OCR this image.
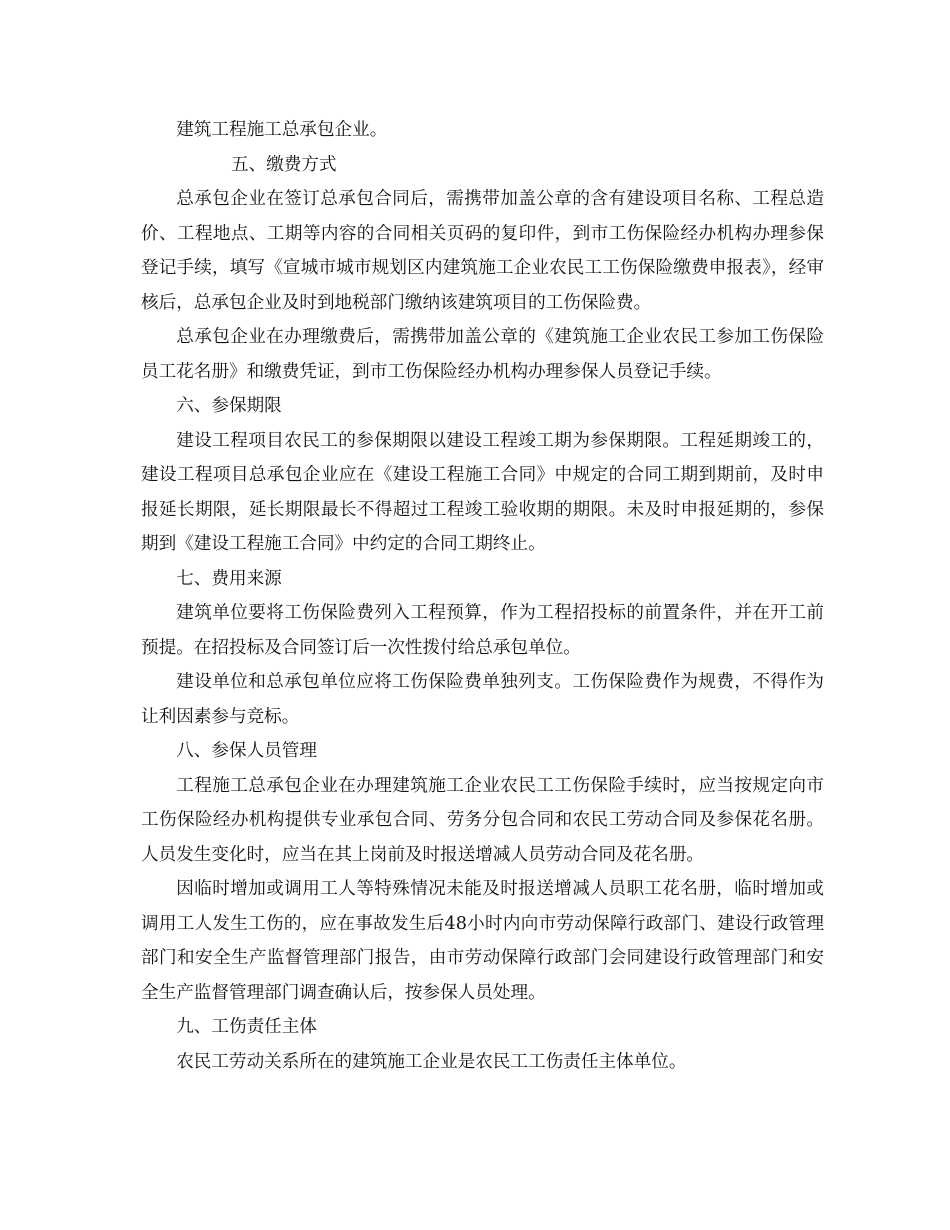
建筑工程施工总承包企业。

五、缴费方式

总承包企业在签订总承包合同后，需携带加盖公章的含有建设项目名称、工程总造价、工程地点、工期等内容的合同相关页码的复印件，到市工伤保险经办机构办理参保登记手续，填写《宣城市城市规划区内建筑施工企业农民工工伤保险缴费申报表》，经审核后，总承包企业及时到地税部门缴纳该建筑项目的工伤保险费。

总承包企业在办理缴费后，需携带加盖公章的《建筑施工企业农民工参加工伤保险员工花名册》和缴费凭证，到市工伤保险经办机构办理参保人员登记手续。

六、参保期限

建设工程项目农民工的参保期限以建设工程竣工期为参保期限。工程延期竣工的，建设工程项目总承包企业应在《建设工程施工合同》中规定的合同工期到期前，及时申报延长期限，延长期限最长不得超过工程竣工验收期的期限。未及时申报延期的，参保期到《建设工程施工合同》中约定的合同工期终止。

七、费用来源

建筑单位要将工伤保险费列入工程预算，作为工程招投标的前置条件，并在开工前预提。在招投标及合同签订后一次性拨付给总承包单位。

建设单位和总承包单位应将工伤保险费单独列支。工伤保险费作为规费，不得作为让利因素参与竞标。

八、参保人员管理

工程施工总承包企业在办理建筑施工企业农民工工伤保险手续时，应当按规定向市工伤保险经办机构提供专业承包合同、劳务分包合同和农民工劳动合同及参保花名册。人员发生变化时，应当在其上岗前及时报送增减人员劳动合同及花名册。

因临时增加或调用工人等特殊情况未能及时报送增减人员职工花名册，临时增加或调用工人发生工伤的，应在事故发生后48小时内向市劳动保障行政部门、建设行政管理部门和安全生产监督管理部门报告，由市劳动保障行政部门会同建设行政管理部门和安全生产监督管理部门调查确认后，按参保人员处理。

九、工伤责任主体

农民工劳动关系所在的建筑施工企业是农民工工伤责任主体单位。
